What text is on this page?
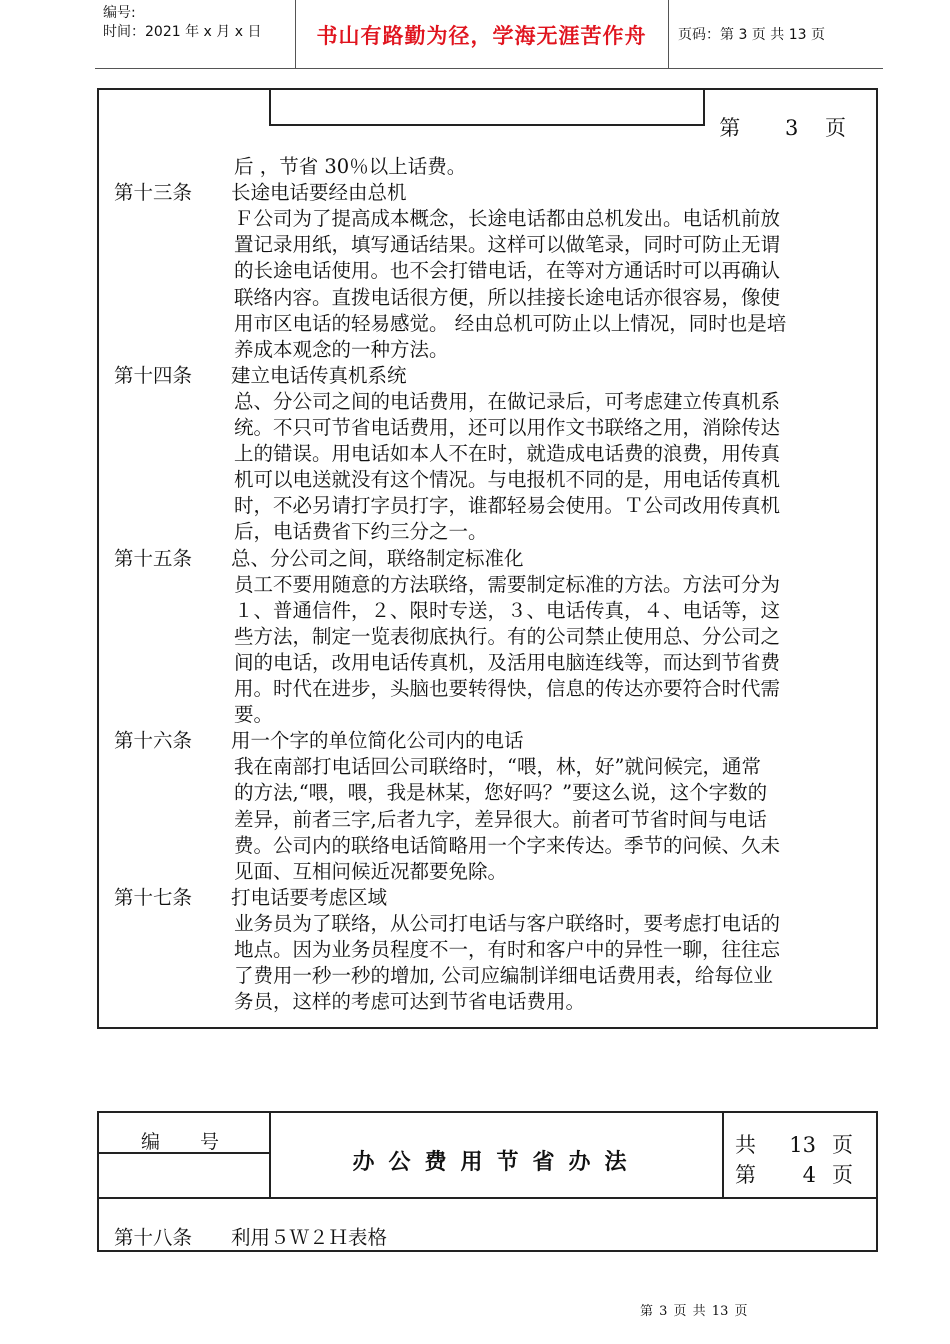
编号:
时间：2021 年 x 月 x 日	书山有路勤为径，学海无涯苦作舟	页码：第 3 页 共 13 页
第 3 页
后 ，节省 30％以上话费。
第十三条 长途电话要经由总机
Ｆ公司为了提高成本概念，长途电话都由总机发出。电话机前放
置记录用纸，填写通话结果。这样可以做笔录，同时可防止无谓
的长途电话使用。也不会打错电话，在等对方通话时可以再确认
联络内容。直拨电话很方便，所以挂接长途电话亦很容易，像使
用市区电话的轻易感觉。 经由总机可防止以上情况，同时也是培
养成本观念的一种方法。
第十四条 建立电话传真机系统
总、分公司之间的电话费用，在做记录后，可考虑建立传真机系
统。不只可节省电话费用，还可以用作文书联络之用，消除传达
上的错误。用电话如本人不在时，就造成电话费的浪费，用传真
机可以电送就没有这个情况。与电报机不同的是，用电话传真机
时，不必另请打字员打字，谁都轻易会使用。Ｔ公司改用传真机
后，电话费省下约三分之一。
第十五条 总、分公司之间，联络制定标准化
员工不要用随意的方法联络，需要制定标准的方法。方法可分为
１、普通信件，２、限时专送，３、电话传真，４、电话等，这
些方法，制定一览表彻底执行。有的公司禁止使用总、分公司之
间的电话，改用电话传真机，及活用电脑连线等，而达到节省费
用。时代在进步，头脑也要转得快，信息的传达亦要符合时代需
要。
第十六条 用一个字的单位简化公司内的电话
我在南部打电话回公司联络时，“喂，林，好”就问候完，通常
的方法,“喂，喂，我是林某，您好吗？”要这么说，这个字数的
差异，前者三字,后者九字，差异很大。前者可节省时间与电话
费。公司内的联络电话简略用一个字来传达。季节的问候、久未
见面、互相问候近况都要免除。
第十七条 打电话要考虑区域
业务员为了联络，从公司打电话与客户联络时，要考虑打电话的
地点。因为业务员程度不一，有时和客户中的异性一聊，往往忘
了费用一秒一秒的增加, 公司应编制详细电话费用表，给每位业
务员，这样的考虑可达到节省电话费用。
编号
办公费用节省办法
共 13 页
第 4 页
第十八条 利用５Ｗ２Ｈ表格
第 3 页 共 13 页
